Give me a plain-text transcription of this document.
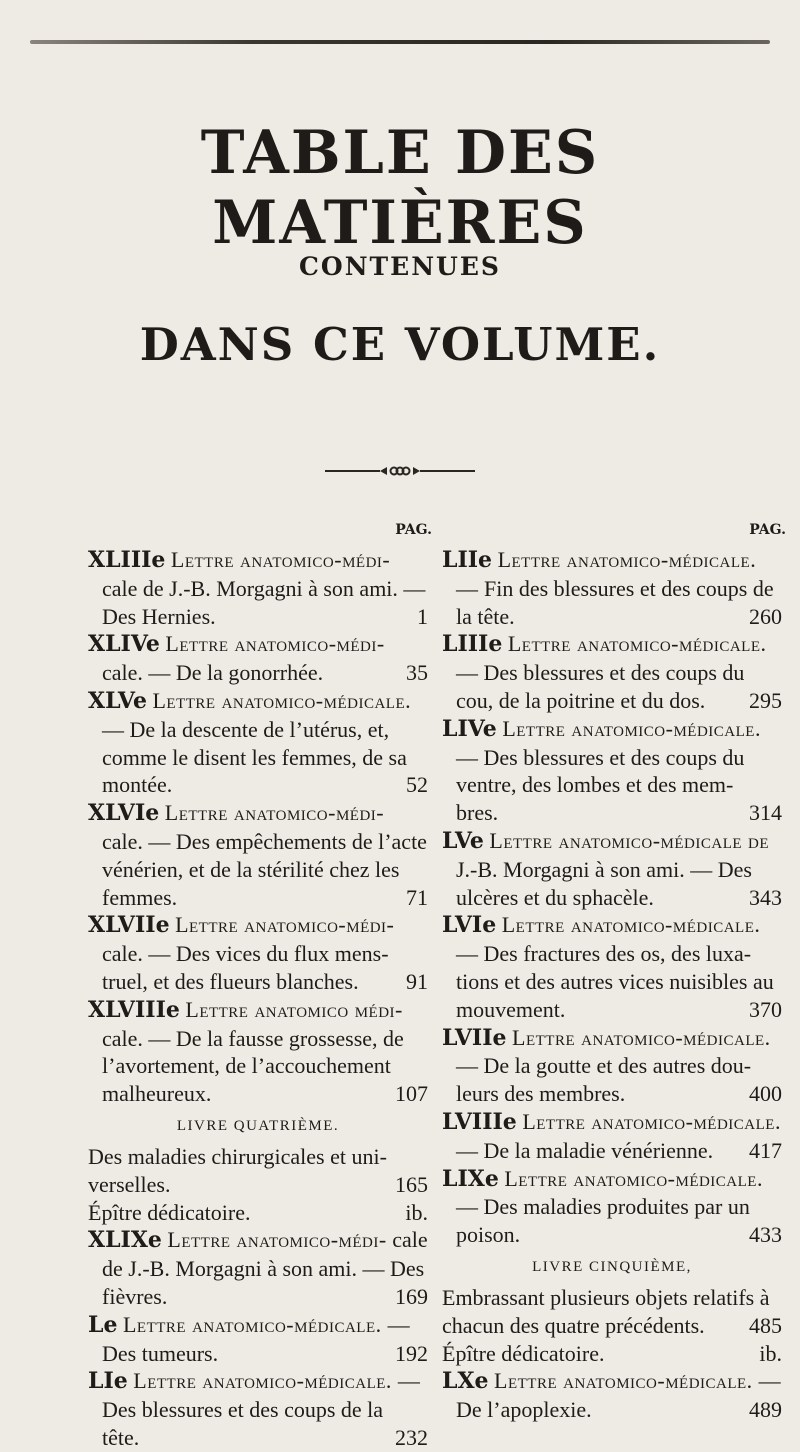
TABLE DES MATIÈRES
CONTENUES
DANS CE VOLUME.
PAG.
XLIIIe Lettre anatomico-médi- cale de J.-B. Morgagni à son ami. — Des Hernies.	1
XLIVe Lettre anatomico-médi- cale. — De la gonorrhée.	35
XLVe Lettre anatomico-médicale. — De la descente de l’utérus, et, comme le disent les femmes, de sa montée.	52
XLVIe Lettre anatomico-médi- cale. — Des empêchements de l’acte vénérien, et de la stérilité chez les femmes.	71
XLVIIe Lettre anatomico-médi- cale. — Des vices du flux mens-truel, et des flueurs blanches. 91
XLVIIIe Lettre anatomico médi- cale. — De la fausse grossesse, de l’avortement, de l’accouchement malheureux.	107
LIVRE QUATRIÈME.
Des maladies chirurgicales et uni-verselles.	165
Épître dédicatoire.	ib.
XLIXe Lettre anatomico-médi- cale de J.-B. Morgagni à son ami. — Des fièvres.	169
Le Lettre anatomico-médicale. — Des tumeurs.	192
LIe Lettre anatomico-médicale. — Des blessures et des coups de la tête.	232
PAG.
LIIe Lettre anatomico-médicale. — Fin des blessures et des coups de la tête.	260
LIIIe Lettre anatomico-médicale. — Des blessures et des coups du cou, de la poitrine et du dos. 295
LIVe Lettre anatomico-médicale. — Des blessures et des coups du ventre, des lombes et des mem-bres.	314
LVe Lettre anatomico-médicale de J.-B. Morgagni à son ami. — Des ulcères et du sphacèle.	343
LVIe Lettre anatomico-médicale. — Des fractures des os, des luxa-tions et des autres vices nuisibles au mouvement.	370
LVIIe Lettre anatomico-médicale. — De la goutte et des autres dou-leurs des membres.	400
LVIIIe Lettre anatomico-médicale. — De la maladie vénérienne. 417
LIXe Lettre anatomico-médicale. — Des maladies produites par un poison.	433
LIVRE CINQUIÈME,
Embrassant plusieurs objets relatifs à chacun des quatre précédents. 485
Épître dédicatoire.	ib.
LXe Lettre anatomico-médicale. — De l’apoplexie.	489
